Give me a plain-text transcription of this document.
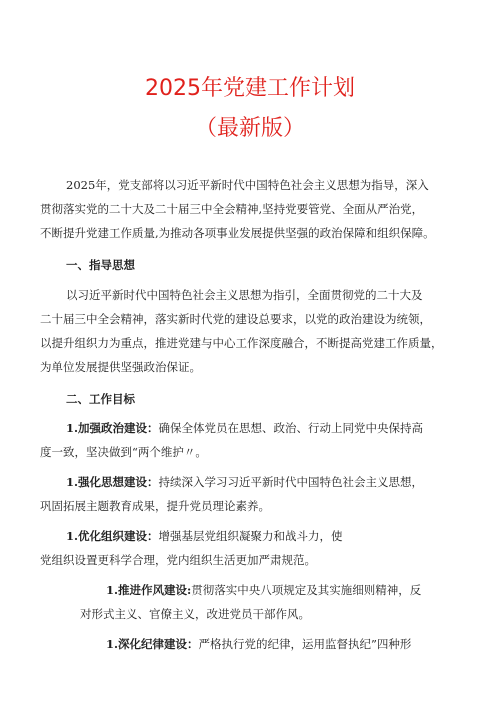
2025年党建工作计划
（最新版）

2025年，党支部将以习近平新时代中国特色社会主义思想为指导，深入

贯彻落实党的二十大及二十届三中全会精神,坚持党要管党、全面从严治党，

不断提升党建工作质量,为推动各项事业发展提供坚强的政治保障和组织保障。

一、指导思想

以习近平新时代中国特色社会主义思想为指引，全面贯彻党的二十大及

二十届三中全会精神，落实新时代党的建设总要求，以党的政治建设为统领，

以提升组织力为重点，推进党建与中心工作深度融合，不断提高党建工作质量，

为单位发展提供坚强政治保证。

二、工作目标

1.加强政治建设：确保全体党员在思想、政治、行动上同党中央保持高

度一致，坚决做到“两个维护〃。

1.强化思想建设：持续深入学习习近平新时代中国特色社会主义思想，

巩固拓展主题教育成果，提升党员理论素养。

1.优化组织建设：增强基层党组织凝聚力和战斗力，使

党组织设置更科学合理，党内组织生活更加严肃规范。

1.推进作风建设:贯彻落实中央八项规定及其实施细则精神，反

对形式主义、官僚主义，改进党员干部作风。

1.深化纪律建设：严格执行党的纪律，运用监督执纪”四种形
